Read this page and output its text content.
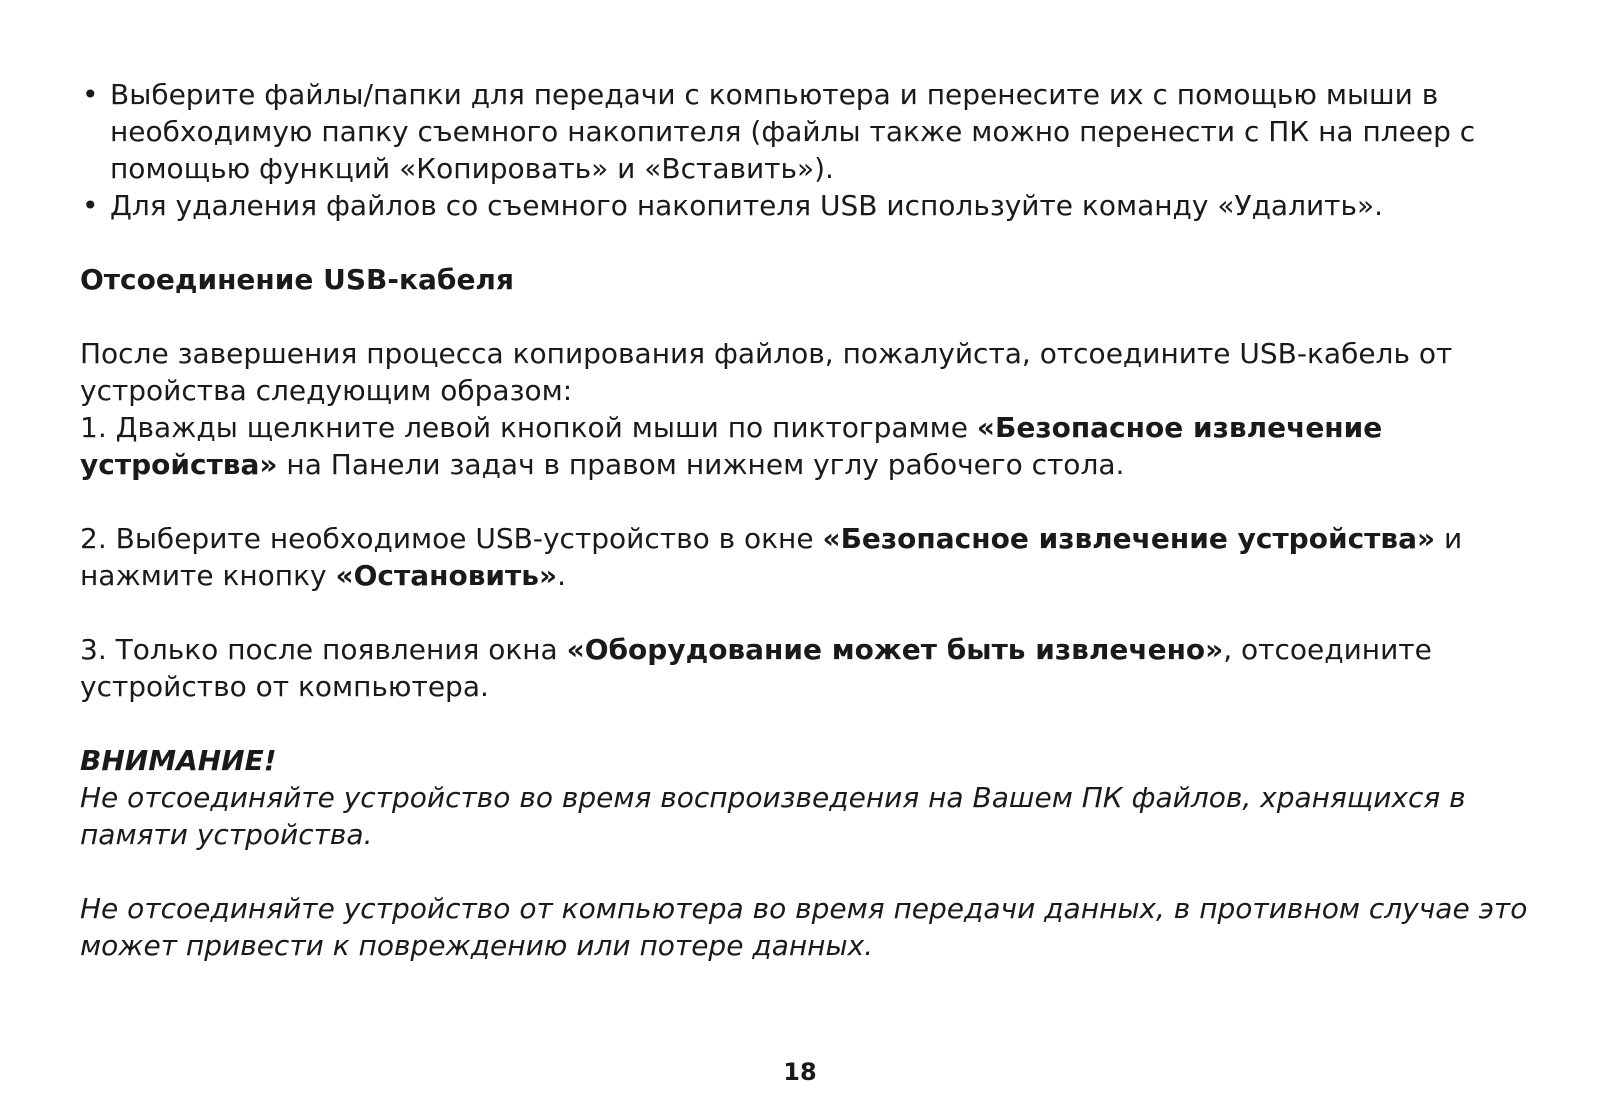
• Выберите файлы/папки для передачи с компьютера и перенесите их с помощью мыши в необходимую папку съемного накопителя (файлы также можно перенести с ПК на плеер с помощью функций «Копировать» и «Вставить»).

• Для удаления файлов со съемного накопителя USB используйте команду «Удалить».

Отсоединение USB-кабеля

После завершения процесса копирования файлов, пожалуйста, отсоедините USB-кабель от устройства следующим образом:

1. Дважды щелкните левой кнопкой мыши по пиктограмме «Безопасное извлечение устройства» на Панели задач в правом нижнем углу рабочего стола.

2. Выберите необходимое USB-устройство в окне «Безопасное извлечение устройства» и нажмите кнопку «Остановить».

3. Только после появления окна «Оборудование может быть извлечено», отсоедините устройство от компьютера.

ВНИМАНИЕ!

Не отсоединяйте устройство во время воспроизведения на Вашем ПК файлов, хранящихся в памяти устройства.

Не отсоединяйте устройство от компьютера во время передачи данных, в противном случае это может привести к повреждению или потере данных.

18
